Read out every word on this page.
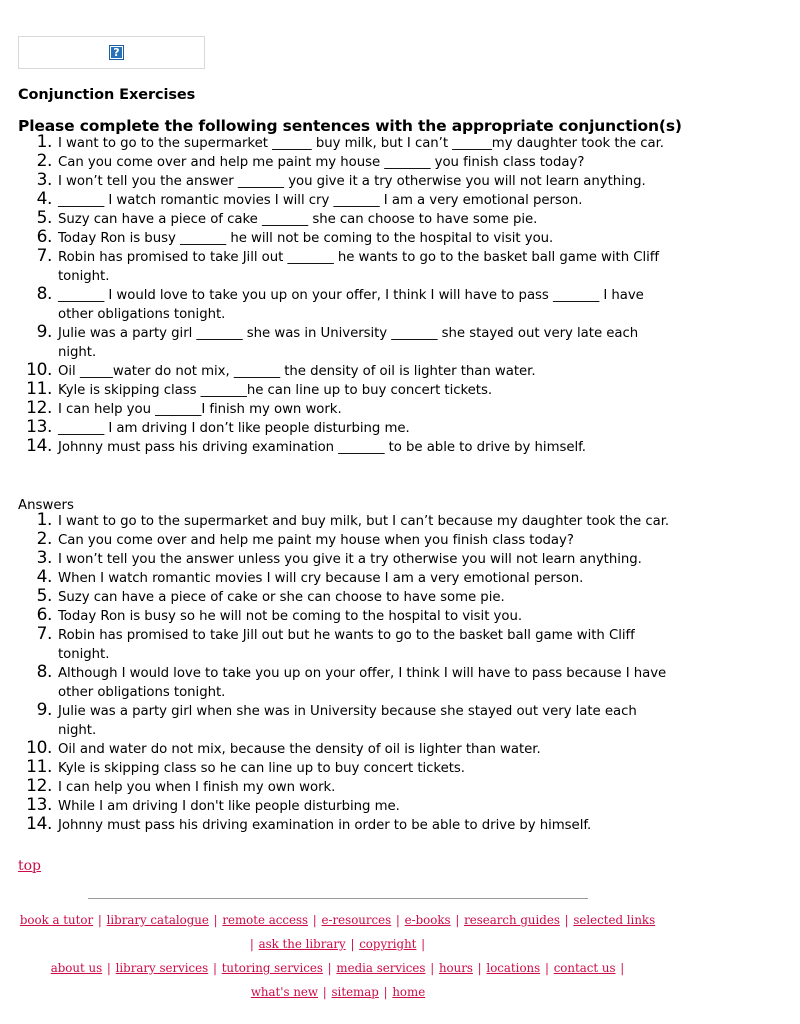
?
Conjunction Exercises
Please complete the following sentences with the appropriate conjunction(s)
1. I want to go to the supermarket ______ buy milk, but I can’t ______my daughter took the car.
2. Can you come over and help me paint my house _______ you finish class today?
3. I won’t tell you the answer _______ you give it a try otherwise you will not learn anything.
4. _______ I watch romantic movies I will cry _______ I am a very emotional person.
5. Suzy can have a piece of cake _______ she can choose to have some pie.
6. Today Ron is busy _______ he will not be coming to the hospital to visit you.
7. Robin has promised to take Jill out _______ he wants to go to the basket ball game with Cliff tonight.
8. _______ I would love to take you up on your offer, I think I will have to pass _______ I have other obligations tonight.
9. Julie was a party girl _______ she was in University _______ she stayed out very late each night.
10. Oil _____water do not mix, _______ the density of oil is lighter than water.
11. Kyle is skipping class _______he can line up to buy concert tickets.
12. I can help you _______I finish my own work.
13. _______ I am driving I don’t like people disturbing me.
14. Johnny must pass his driving examination _______ to be able to drive by himself.
Answers
1. I want to go to the supermarket and buy milk, but I can’t because my daughter took the car.
2. Can you come over and help me paint my house when you finish class today?
3. I won’t tell you the answer unless you give it a try otherwise you will not learn anything.
4. When I watch romantic movies I will cry because I am a very emotional person.
5. Suzy can have a piece of cake or she can choose to have some pie.
6. Today Ron is busy so he will not be coming to the hospital to visit you.
7. Robin has promised to take Jill out but he wants to go to the basket ball game with Cliff tonight.
8. Although I would love to take you up on your offer, I think I will have to pass because I have other obligations tonight.
9. Julie was a party girl when she was in University because she stayed out very late each night.
10. Oil and water do not mix, because the density of oil is lighter than water.
11. Kyle is skipping class so he can line up to buy concert tickets.
12. I can help you when I finish my own work.
13. While I am driving I don't like people disturbing me.
14. Johnny must pass his driving examination in order to be able to drive by himself.
top
book a tutor | library catalogue | remote access | e-resources | e-books | research guides | selected links | ask the library | copyright |
about us | library services | tutoring services | media services | hours | locations | contact us | what's new | sitemap | home
